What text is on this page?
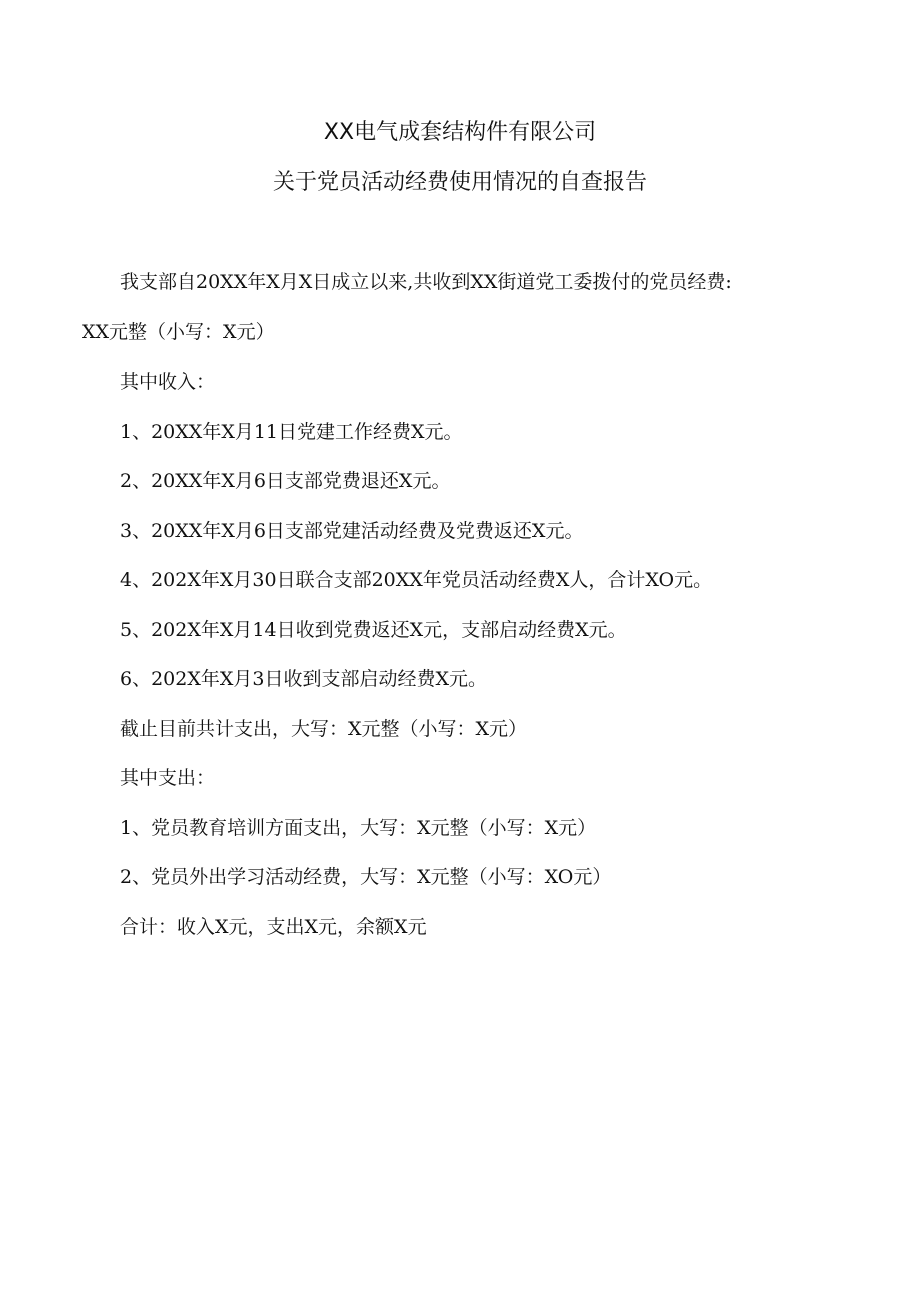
XX电气成套结构件有限公司
关于党员活动经费使用情况的自查报告
我支部自20XX年X月X日成立以来,共收到XX街道党工委拨付的党员经费:
XX元整（小写：X元）
其中收入：
1、20XX年X月11日党建工作经费X元。
2、20XX年X月6日支部党费退还X元。
3、20XX年X月6日支部党建活动经费及党费返还X元。
4、202X年X月30日联合支部20XX年党员活动经费X人，合计XO元。
5、202X年X月14日收到党费返还X元，支部启动经费X元。
6、202X年X月3日收到支部启动经费X元。
截止目前共计支出，大写：X元整（小写：X元）
其中支出：
1、党员教育培训方面支出，大写：X元整（小写：X元）
2、党员外出学习活动经费，大写：X元整（小写：XO元）
合计：收入X元，支出X元，余额X元
